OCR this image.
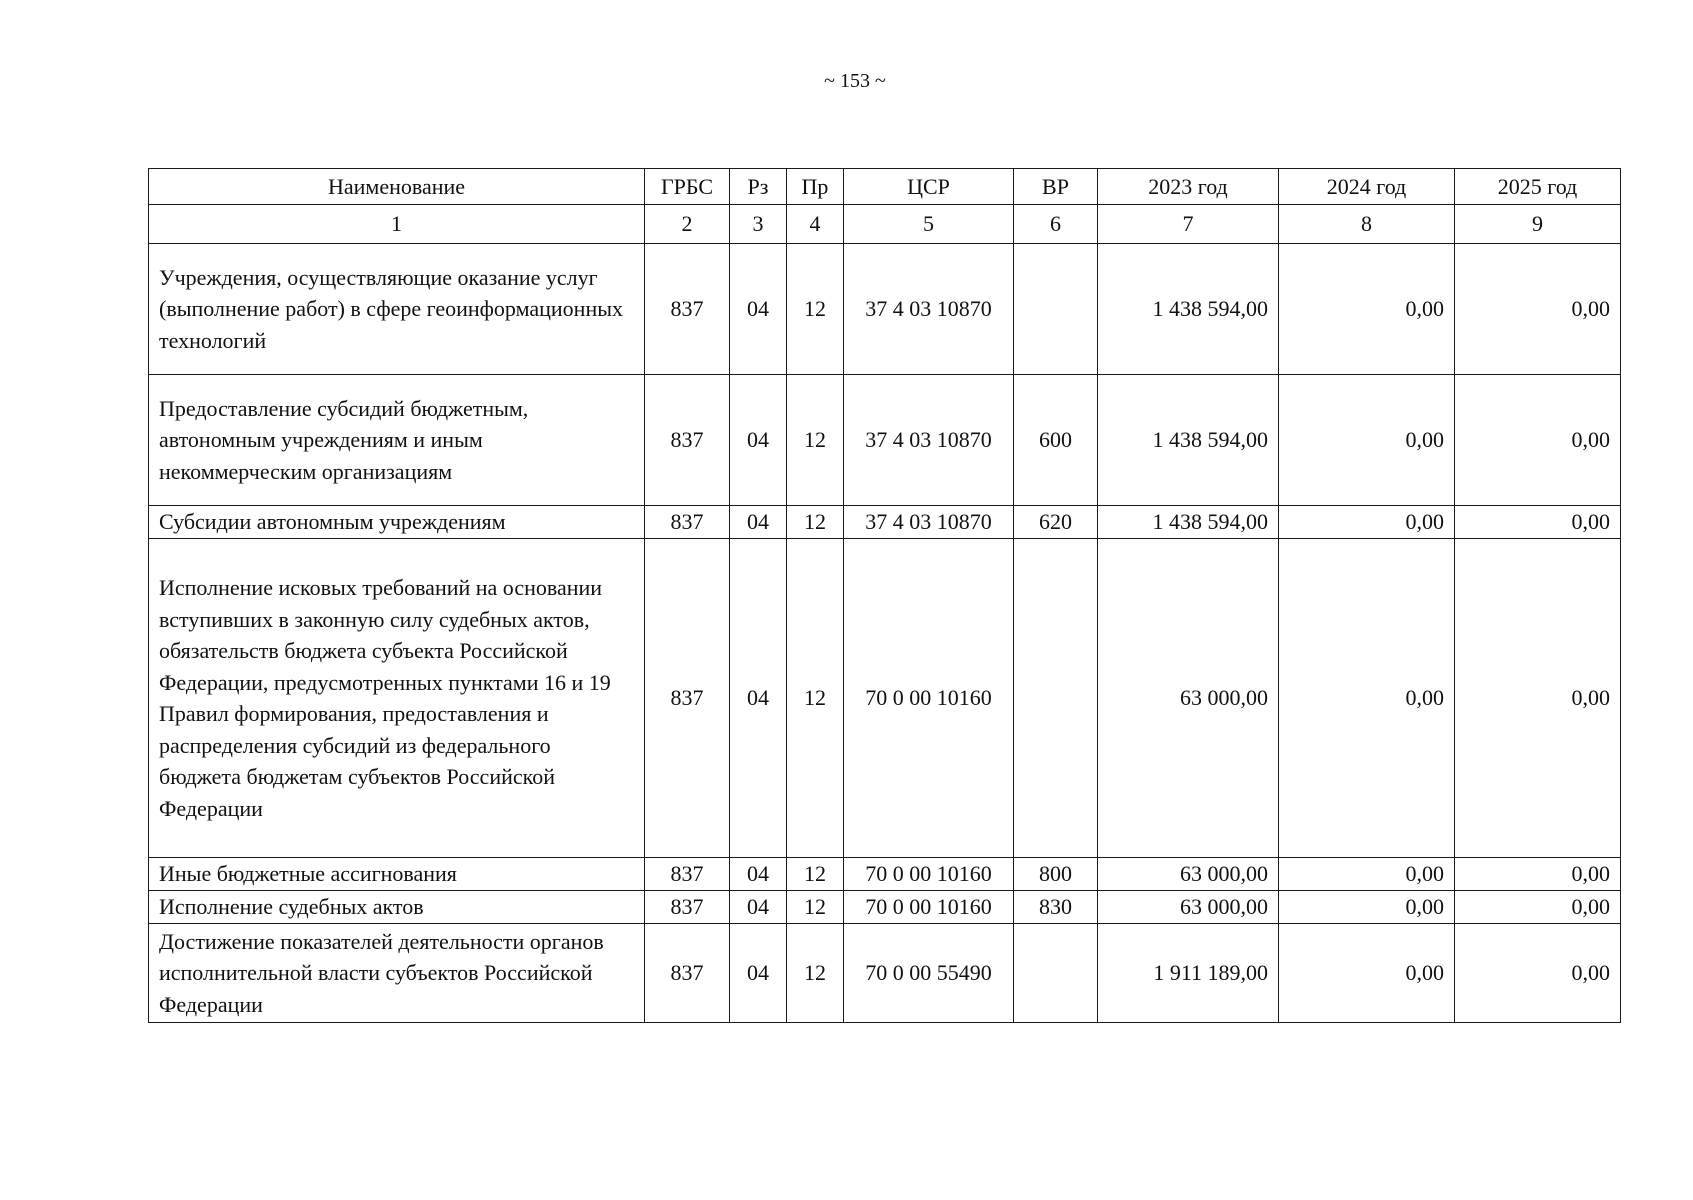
~ 153 ~
Наименование	ГРБС	Рз	Пр	ЦСР	ВР	2023 год	2024 год	2025 год
1	2	3	4	5	6	7	8	9
Учреждения, осуществляющие оказание услуг (выполнение работ) в сфере геоинформационных технологий	837	04	12	37 4 03 10870		1 438 594,00	0,00	0,00
Предоставление субсидий бюджетным, автономным учреждениям и иным некоммерческим организациям	837	04	12	37 4 03 10870	600	1 438 594,00	0,00	0,00
Субсидии автономным учреждениям	837	04	12	37 4 03 10870	620	1 438 594,00	0,00	0,00
Исполнение исковых требований на основании вступивших в законную силу судебных актов, обязательств бюджета субъекта Российской Федерации, предусмотренных пунктами 16 и 19 Правил формирования, предоставления и распределения субсидий из федерального бюджета бюджетам субъектов Российской Федерации	837	04	12	70 0 00 10160		63 000,00	0,00	0,00
Иные бюджетные ассигнования	837	04	12	70 0 00 10160	800	63 000,00	0,00	0,00
Исполнение судебных актов	837	04	12	70 0 00 10160	830	63 000,00	0,00	0,00
Достижение показателей деятельности органов исполнительной власти субъектов Российской Федерации	837	04	12	70 0 00 55490		1 911 189,00	0,00	0,00
